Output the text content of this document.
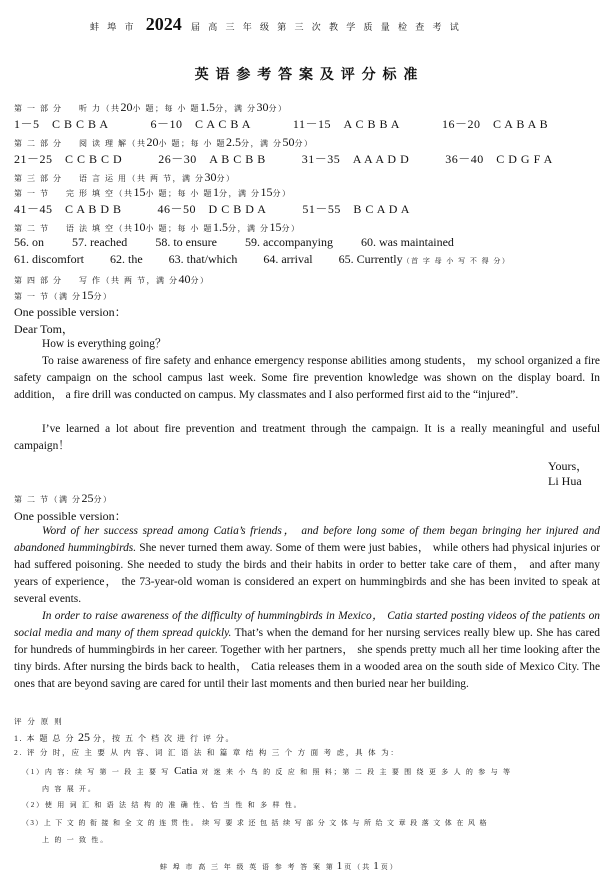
蚌 埠 市 2024 届 高 三 年 级 第 三 次 教 学 质 量 检 查 考 试
英 语 参 考 答 案 及 评 分 标 准
第 一 部 分 　 听 力（共20小 题；每 小 题1.5分，满 分30分）
1－5　C B C B A	6－10　C A C B A	11－15　A C B B A	16－20　C A B A B
第 二 部 分 　 阅 读 理 解（共20小 题；每 小 题2.5分，满 分50分）
21－25　C C B C D	26－30　A B C B B	31－35　A A A D D	36－40　C D G F A
第 三 部 分 　 语 言 运 用（共 两 节，满 分30分）
第 一 节 　 完 形 填 空（共15小 题；每 小 题1分，满 分15分）
41－45　C A B D B	46－50　D C B D A	51－55　B C A D A
第 二 节 　 语 法 填 空（共10小 题；每 小 题1.5分，满 分15分）
56. on 57. reached 58. to ensure 59. accompanying 60. was maintained
61. discomfort 62. the 63. that/which 64. arrival 65. Currently（首 字 母 小 写 不 得 分）
第 四 部 分 　 写 作（共 两 节，满 分40分）
第 一 节（满 分15分）
One possible version：
Dear Tom，
How is everything going？
To raise awareness of fire safety and enhance emergency response abilities among students， my school organized a fire safety campaign on the school campus last week. Some fire prevention knowledge was shown on the display board. In addition， a fire drill was conducted on campus. My classmates and I also performed first aid to the “injured”.
I’ve learned a lot about fire prevention and treatment through the campaign. It is a really meaningful and useful campaign！
Yours，
Li Hua
第 二 节（满 分25分）
One possible version：
Word of her success spread among Catia’s friends， and before long some of them began bringing her injured and abandoned hummingbirds. She never turned them away. Some of them were just babies， while others had physical injuries or had suffered poisoning. She needed to study the birds and their habits in order to better take care of them， and after many years of experience， the 73-year-old woman is considered an expert on hummingbirds and she has been invited to speak at several events.
In order to raise awareness of the difficulty of hummingbirds in Mexico， Catia started posting videos of the patients on social media and many of them spread quickly. That’s when the demand for her nursing services really blew up. She has cared for hundreds of hummingbirds in her career. Together with her partners， she spends pretty much all her time looking after the tiny birds. After nursing the birds back to health， Catia releases them in a wooded area on the south side of Mexico City. The ones that are beyond saving are cared for until their last moments and then buried near her building.
评 分 原 则
1. 本 题 总 分 25 分，按 五 个 档 次 进 行 评 分。
2. 评 分 时，应 主 要 从 内 容、词 汇 语 法 和 篇 章 结 构 三 个 方 面 考 虑，具 体 为：
（1）内 容：续 写 第 一 段 主 要 写 Catia 对 迷 来 小 鸟 的 反 应 和 照 料；第 二 段 主 要 围 绕 更 多 人 的 参 与 等
内 容 展 开。
（2）使 用 词 汇 和 语 法 结 构 的 准 确 性、恰 当 性 和 多 样 性。
（3）上 下 文 的 衔 接 和 全 文 的 连 贯 性。 续 写 要 求 还 包 括 续 写 部 分 文 体 与 所 给 文 章 段 落 文 体 在 风 格
上 的 一 致 性。
蚌 埠 市 高 三 年 级 英 语 参 考 答 案 第 1 页（共 1 页）
